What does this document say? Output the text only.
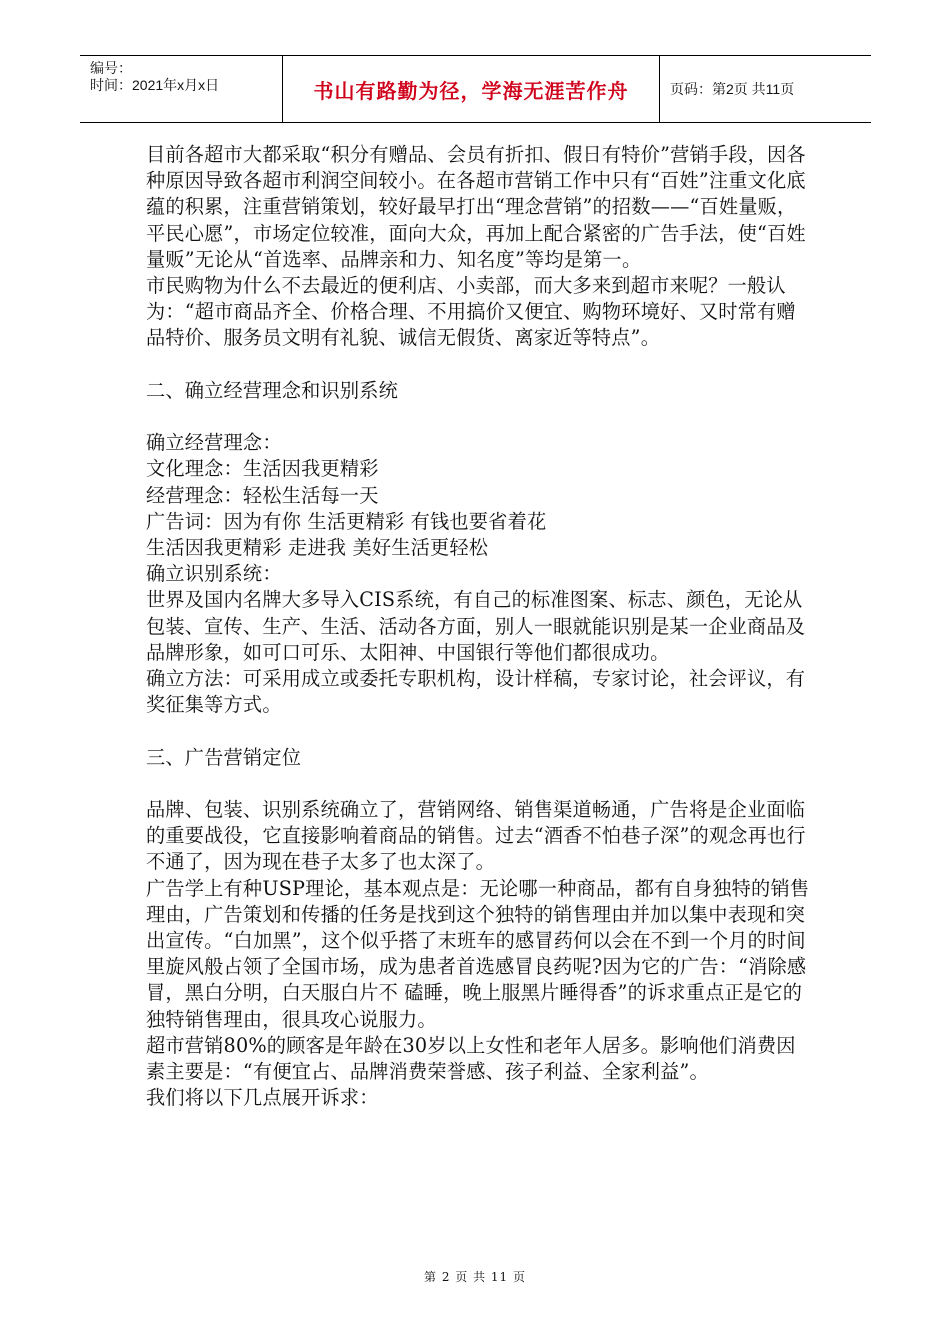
编号：
时间：2021年x月x日	书山有路勤为径，学海无涯苦作舟	页码：第2页 共11页

目前各超市大都采取“积分有赠品、会员有折扣、假日有特价”营销手段，因各种原因导致各超市利润空间较小。在各超市营销工作中只有“百姓”注重文化底蕴的积累，注重营销策划，较好最早打出“理念营销”的招数——“百姓量贩，平民心愿”，市场定位较准，面向大众，再加上配合紧密的广告手法，使“百姓量贩”无论从“首选率、品牌亲和力、知名度”等均是第一。

市民购物为什么不去最近的便利店、小卖部，而大多来到超市来呢？一般认为：“超市商品齐全、价格合理、不用搞价又便宜、购物环境好、又时常有赠品特价、服务员文明有礼貌、诚信无假货、离家近等特点”。

二、确立经营理念和识别系统

确立经营理念：

文化理念：生活因我更精彩

经营理念：轻松生活每一天

广告词：因为有你 生活更精彩 有钱也要省着花

生活因我更精彩 走进我 美好生活更轻松

确立识别系统：

世界及国内名牌大多导入CIS系统，有自己的标准图案、标志、颜色，无论从包装、宣传、生产、生活、活动各方面，别人一眼就能识别是某一企业商品及品牌形象，如可口可乐、太阳神、中国银行等他们都很成功。

确立方法：可采用成立或委托专职机构，设计样稿，专家讨论，社会评议，有奖征集等方式。

三、广告营销定位

品牌、包装、识别系统确立了，营销网络、销售渠道畅通，广告将是企业面临的重要战役，它直接影响着商品的销售。过去“酒香不怕巷子深”的观念再也行不通了，因为现在巷子太多了也太深了。

广告学上有种USP理论，基本观点是：无论哪一种商品，都有自身独特的销售理由，广告策划和传播的任务是找到这个独特的销售理由并加以集中表现和突出宣传。“白加黑”，这个似乎搭了末班车的感冒药何以会在不到一个月的时间里旋风般占领了全国市场，成为患者首选感冒良药呢?因为它的广告：“消除感冒，黑白分明，白天服白片不 磕睡，晚上服黑片睡得香”的诉求重点正是它的独特销售理由，很具攻心说服力。

超市营销80%的顾客是年龄在30岁以上女性和老年人居多。影响他们消费因素主要是：“有便宜占、品牌消费荣誉感、孩子利益、全家利益”。

我们将以下几点展开诉求：

第 2 页 共 11 页
